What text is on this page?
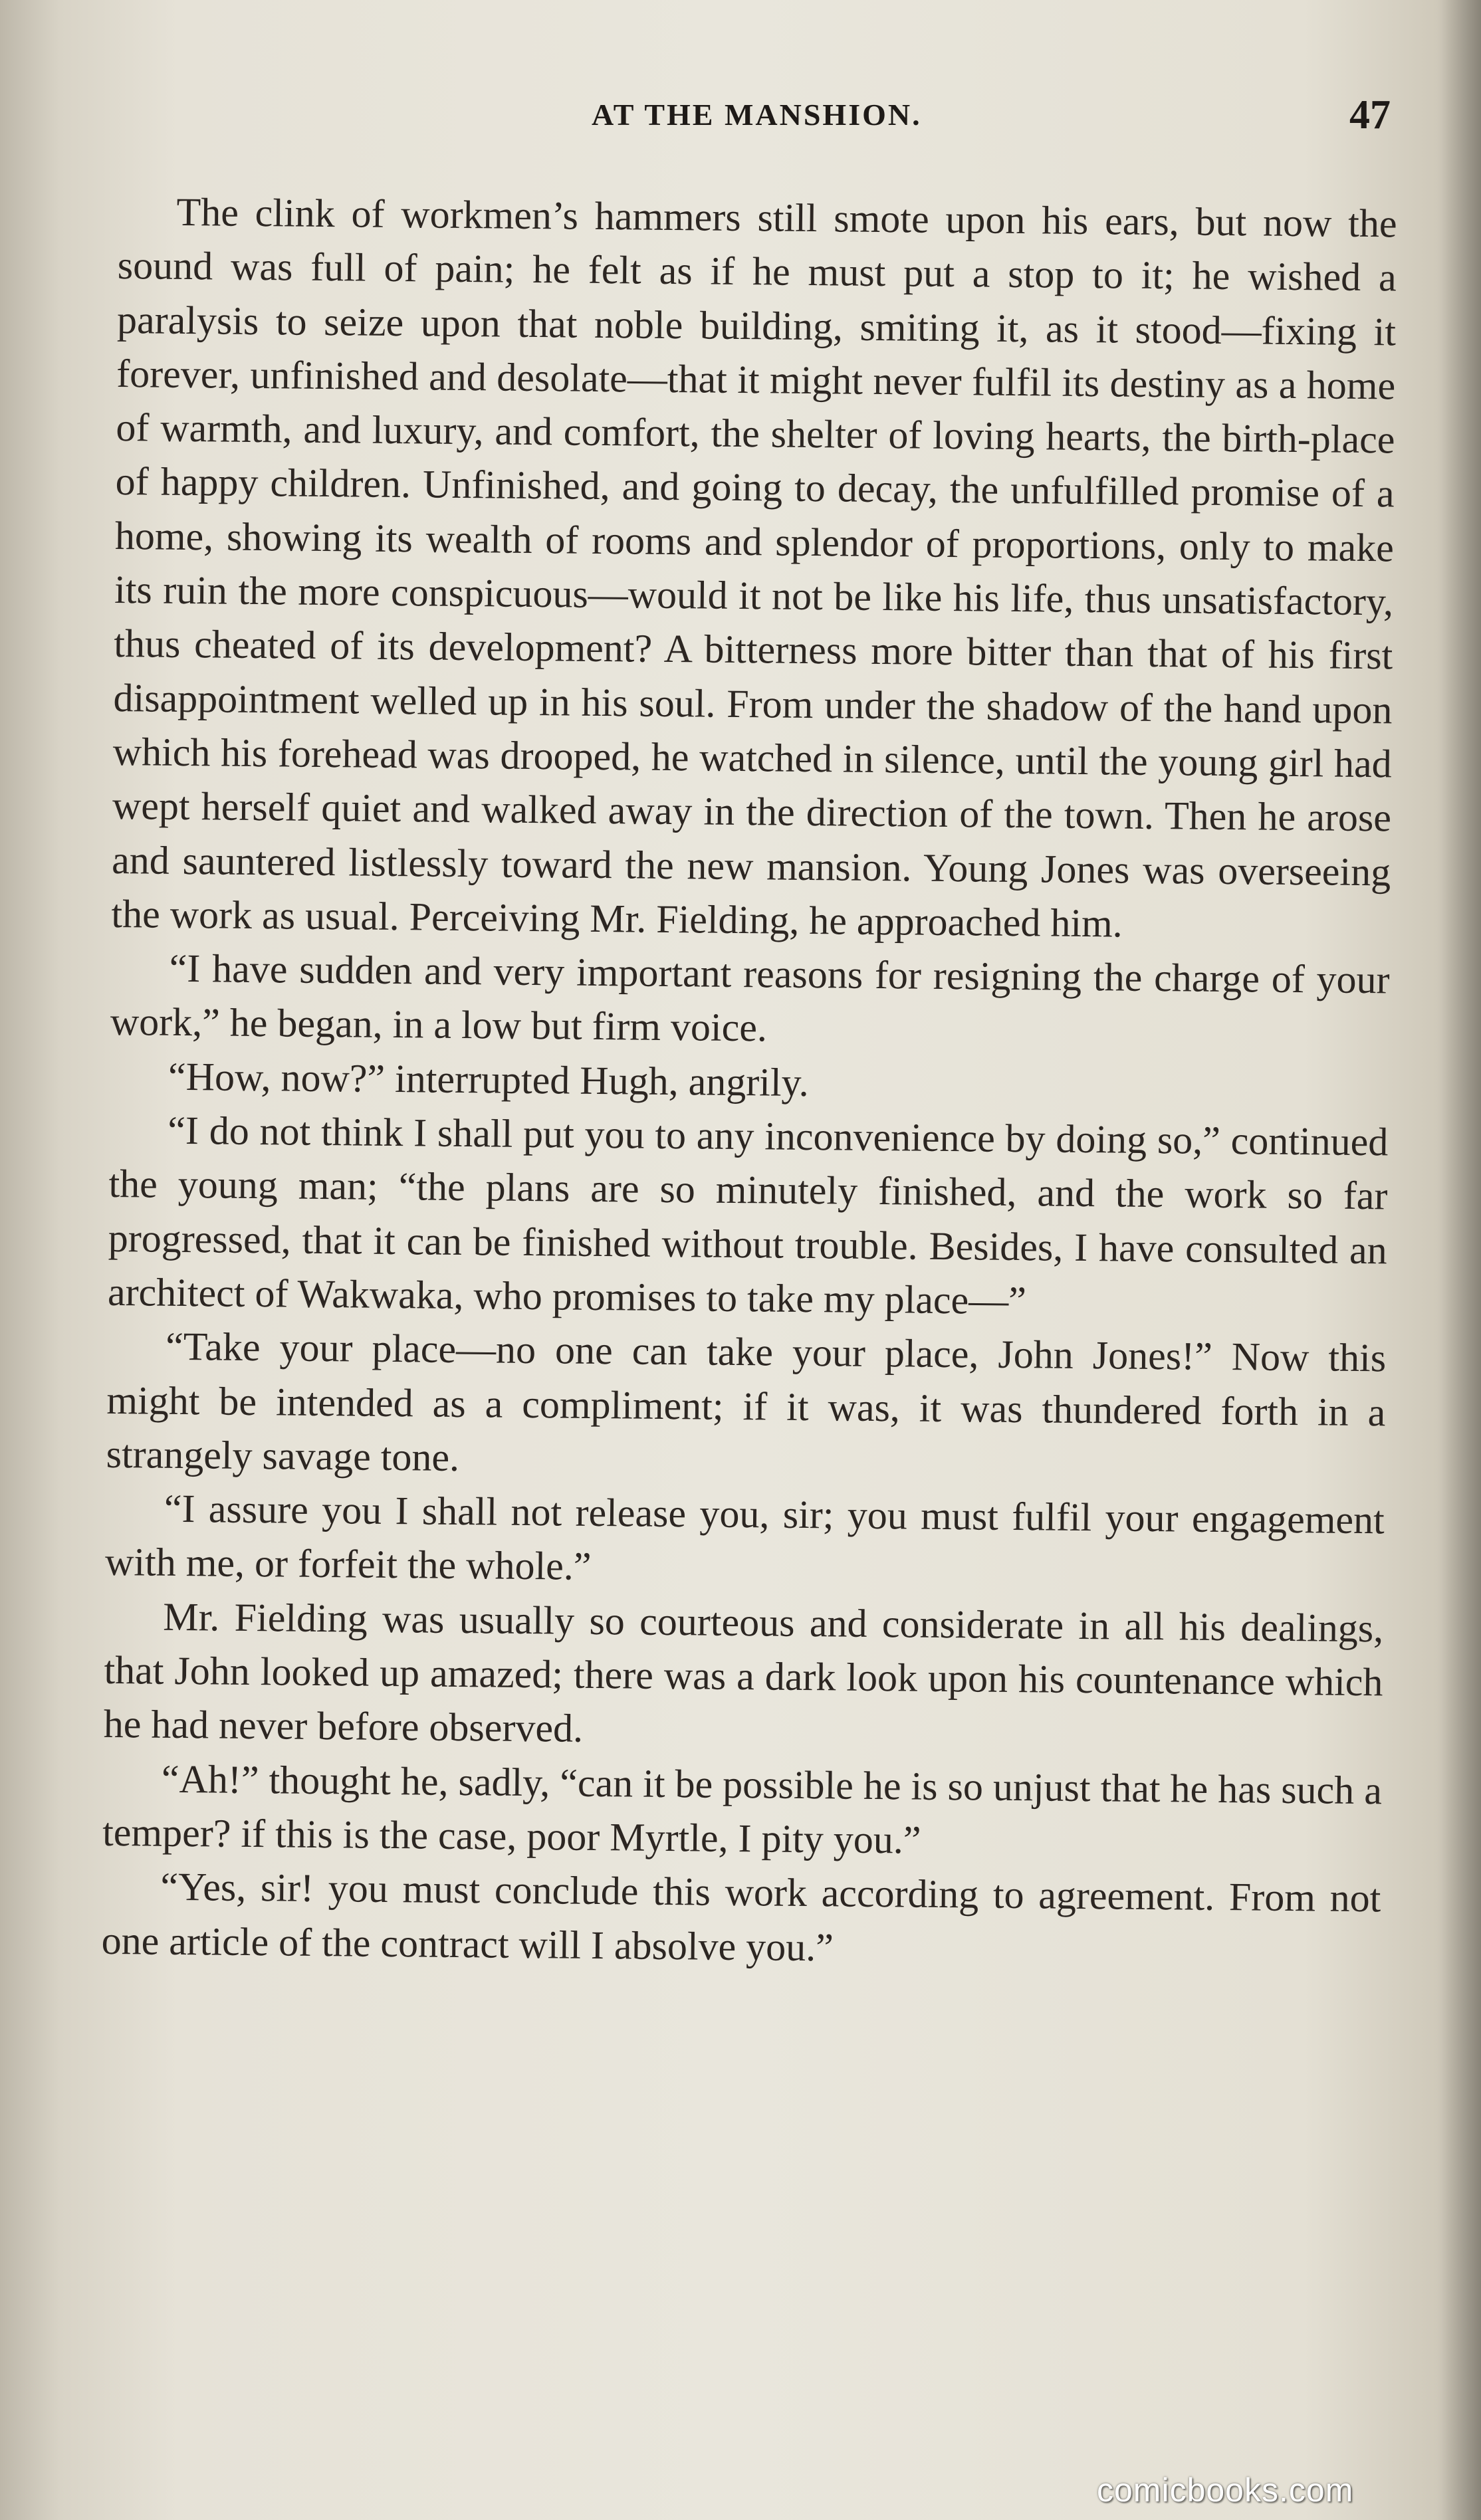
AT THE MANSHION.	47

The clink of workmen’s hammers still smote upon his ears, but now the sound was full of pain; he felt as if he must put a stop to it; he wished a paralysis to seize upon that noble building, smiting it, as it stood—fixing it forever, unfinished and desolate—that it might never fulfil its destiny as a home of warmth, and luxury, and comfort, the shelter of loving hearts, the birth-place of happy children. Unfinished, and going to decay, the unfulfilled promise of a home, showing its wealth of rooms and splendor of proportions, only to make its ruin the more conspicuous—would it not be like his life, thus unsatisfactory, thus cheated of its development? A bitterness more bitter than that of his first disappointment welled up in his soul. From under the shadow of the hand upon which his forehead was drooped, he watched in silence, until the young girl had wept herself quiet and walked away in the direction of the town. Then he arose and sauntered listlessly toward the new mansion. Young Jones was overseeing the work as usual. Perceiving Mr. Fielding, he approached him.

“I have sudden and very important reasons for resigning the charge of your work,” he began, in a low but firm voice.

“How, now?” interrupted Hugh, angrily.

“I do not think I shall put you to any inconvenience by doing so,” continued the young man; “the plans are so minutely finished, and the work so far progressed, that it can be finished without trouble. Besides, I have consulted an architect of Wakwaka, who promises to take my place—”

“Take your place—no one can take your place, John Jones!” Now this might be intended as a compliment; if it was, it was thundered forth in a strangely savage tone.

“I assure you I shall not release you, sir; you must fulfil your engagement with me, or forfeit the whole.”

Mr. Fielding was usually so courteous and considerate in all his dealings, that John looked up amazed; there was a dark look upon his countenance which he had never before observed.

“Ah!” thought he, sadly, “can it be possible he is so unjust that he has such a temper? if this is the case, poor Myrtle, I pity you.”

“Yes, sir! you must conclude this work according to agreement. From not one article of the contract will I absolve you.”

comicbooks.com
